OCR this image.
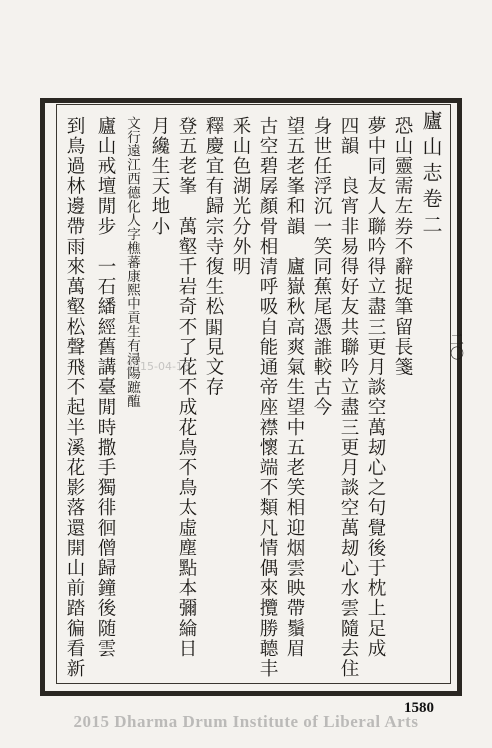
廬山志卷二
二〇
恐山靈需左券不辭捉筆留長箋
夢中同友人聯吟得立盡三更月談空萬刼心之句覺後于枕上足成
四韻　良宵非易得好友共聯吟立盡三更月談空萬刼心水雲隨去住
身世任浮沉一笑同蕉尾憑誰較古今
望五老峯和韻　廬嶽秋高爽氣生望中五老笑相迎烟雲映帶鬚眉
古空碧孱顏骨相清呼吸自能通帝座襟懷端不類凡情偶來攬勝聼丰
釆山色湖光分外明
釋慶宜有歸宗寺復生松𨵗見文存
登五老峯　萬壑千岩奇不了花不成花鳥不鳥太虛塵點本彌綸日
月纔生天地小
文行遠江西德化人字樵蕃康熙中貢生有潯陽蹠醢
廬山戒壇閒步　一石繙經舊講臺閒時撒手獨徘徊僧歸鐘後随雲
到鳥過林邊帶雨來萬壑松聲飛不起半溪花影落還開山前踏徧看新	2015-04-16
1580
2015 Dharma Drum Institute of Liberal Arts
